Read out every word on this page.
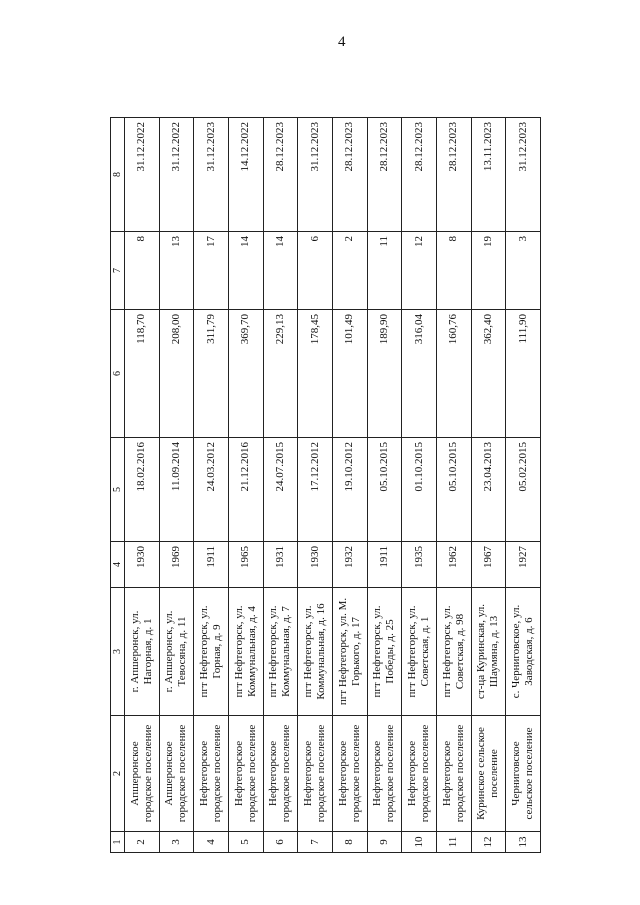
4
1	2	3	4	5	6	7	8
2	Апшеронское городское поселение	г. Апшеронск, ул. Нагорная, д. 1	1930	18.02.2016	118,70	8	31.12.2022
3	Апшеронское городское поселение	г. Апшеронск, ул. Тевосяна, д. 11	1969	11.09.2014	208,00	13	31.12.2022
4	Нефтегорское городское поселение	пгт Нефтегорск, ул. Горная, д. 9	1911	24.03.2012	311,79	17	31.12.2023
5	Нефтегорское городское поселение	пгт Нефтегорск, ул. Коммунальная, д. 4	1965	21.12.2016	369,70	14	14.12.2022
6	Нефтегорское городское поселение	пгт Нефтегорск, ул. Коммунальная, д. 7	1931	24.07.2015	229,13	14	28.12.2023
7	Нефтегорское городское поселение	пгт Нефтегорск, ул. Коммунальная, д. 16	1930	17.12.2012	178,45	6	31.12.2023
8	Нефтегорское городское поселение	пгт Нефтегорск, ул. М. Горького, д. 17	1932	19.10.2012	101,49	2	28.12.2023
9	Нефтегорское городское поселение	пгт Нефтегорск, ул. Победы, д. 25	1911	05.10.2015	189,90	11	28.12.2023
10	Нефтегорское городское поселение	пгт Нефтегорск, ул. Советская, д. 1	1935	01.10.2015	316,04	12	28.12.2023
11	Нефтегорское городское поселение	пгт Нефтегорск, ул. Советская, д. 98	1962	05.10.2015	160,76	8	28.12.2023
12	Куринское сельское поселение	ст-ца Куринская, ул. Шаумяна, д. 13	1967	23.04.2013	362,40	19	13.11.2023
13	Черниговское сельское поселение	с. Черниговское, ул. Заводская, д. 6	1927	05.02.2015	111,90	3	31.12.2023
